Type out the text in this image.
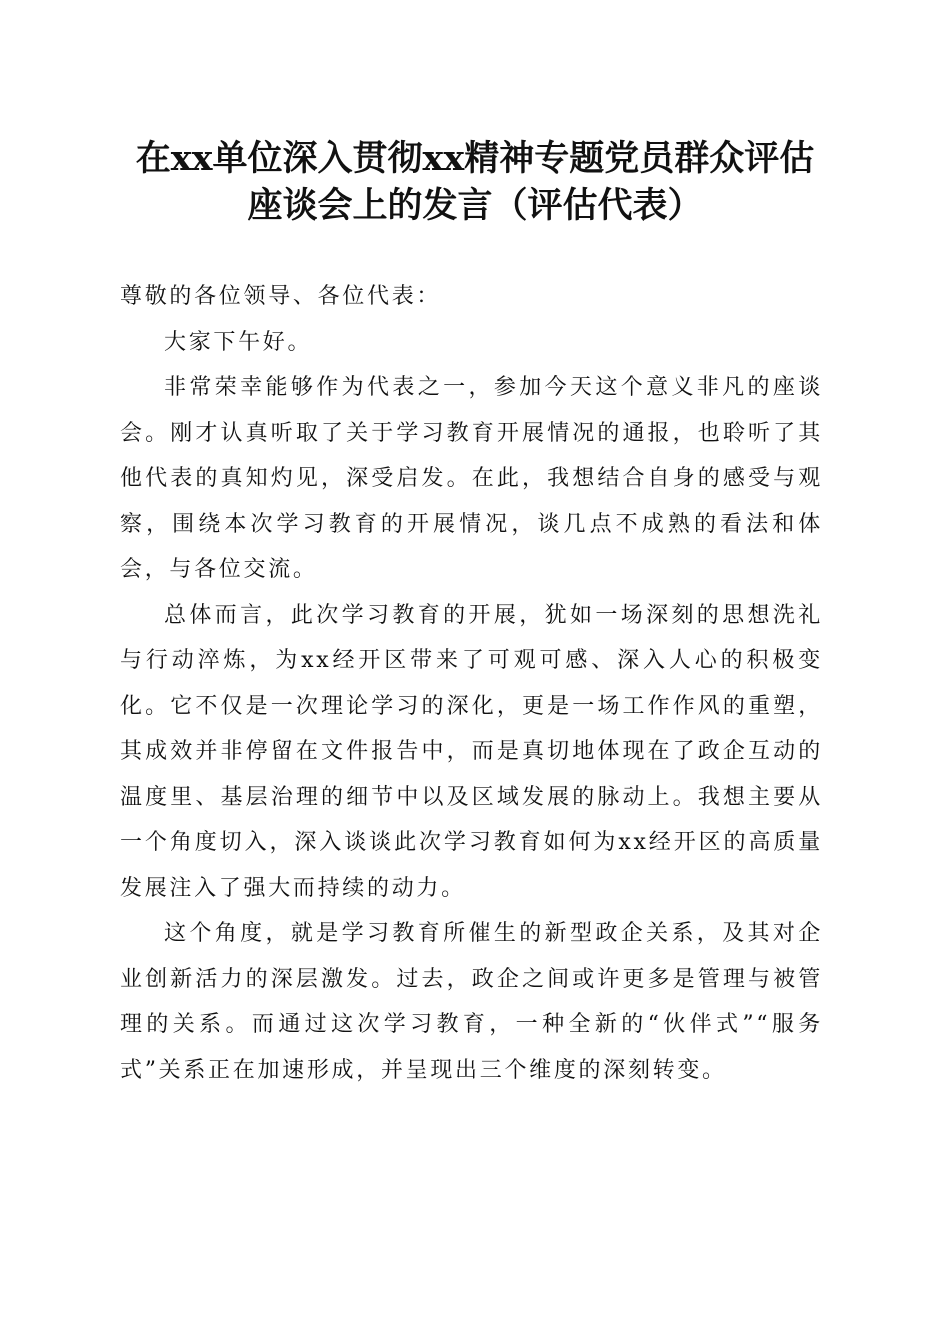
在xx单位深入贯彻xx精神专题党员群众评估
座谈会上的发言（评估代表）

尊敬的各位领导、各位代表：

大家下午好。

非常荣幸能够作为代表之一，参加今天这个意义非凡的座谈会。刚才认真听取了关于学习教育开展情况的通报，也聆听了其他代表的真知灼见，深受启发。在此，我想结合自身的感受与观察，围绕本次学习教育的开展情况，谈几点不成熟的看法和体会，与各位交流。

总体而言，此次学习教育的开展，犹如一场深刻的思想洗礼与行动淬炼，为xx经开区带来了可观可感、深入人心的积极变化。它不仅是一次理论学习的深化，更是一场工作作风的重塑，其成效并非停留在文件报告中，而是真切地体现在了政企互动的温度里、基层治理的细节中以及区域发展的脉动上。我想主要从一个角度切入，深入谈谈此次学习教育如何为xx经开区的高质量发展注入了强大而持续的动力。

这个角度，就是学习教育所催生的新型政企关系，及其对企业创新活力的深层激发。过去，政企之间或许更多是管理与被管理的关系。而通过这次学习教育，一种全新的“伙伴式”“服务式”关系正在加速形成，并呈现出三个维度的深刻转变。
